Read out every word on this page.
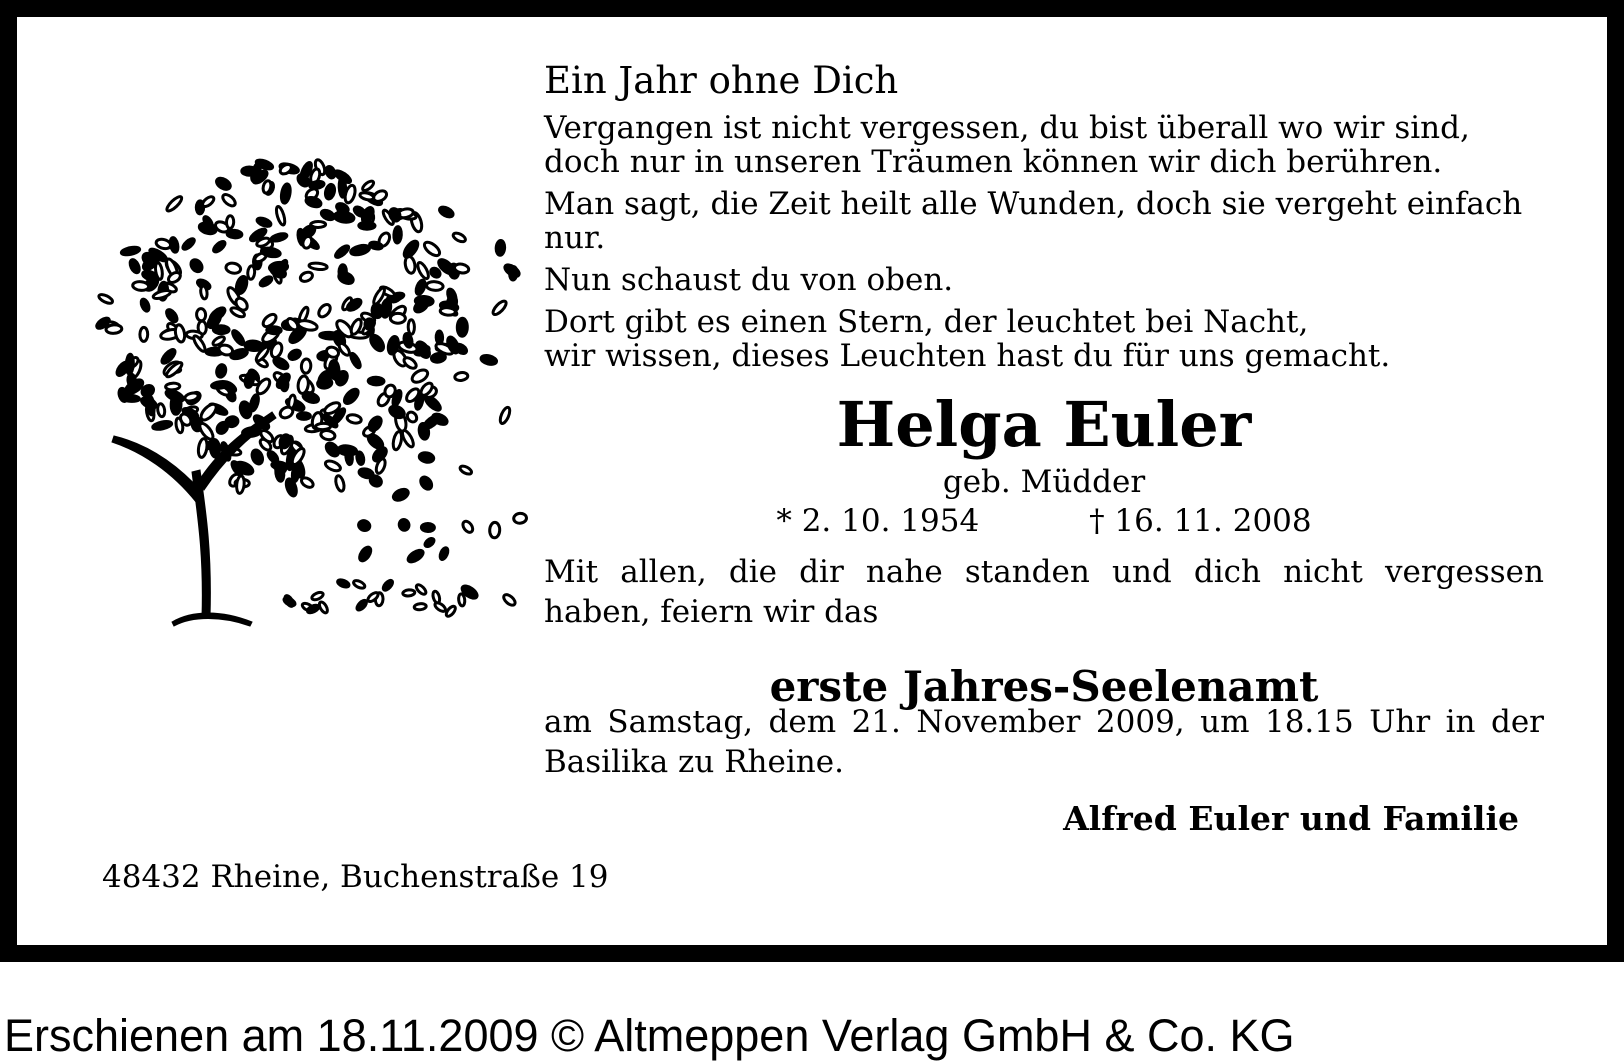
Ein Jahr ohne Dich
Vergangen ist nicht vergessen, du bist überall wo wir sind,
doch nur in unseren Träumen können wir dich berühren.
Man sagt, die Zeit heilt alle Wunden, doch sie vergeht einfach nur.
Nun schaust du von oben.
Dort gibt es einen Stern, der leuchtet bei Nacht,
wir wissen, dieses Leuchten hast du für uns gemacht.
Helga Euler
geb. Müdder
* 2. 10. 1954	† 16. 11. 2008
Mit allen, die dir nahe standen und dich nicht vergessen haben, feiern wir das
erste Jahres-Seelenamt
am Samstag, dem 21. November 2009, um 18.15 Uhr in der Basilika zu Rheine.
Alfred Euler und Familie
48432 Rheine, Buchenstraße 19
Erschienen am 18.11.2009 © Altmeppen Verlag GmbH & Co. KG
